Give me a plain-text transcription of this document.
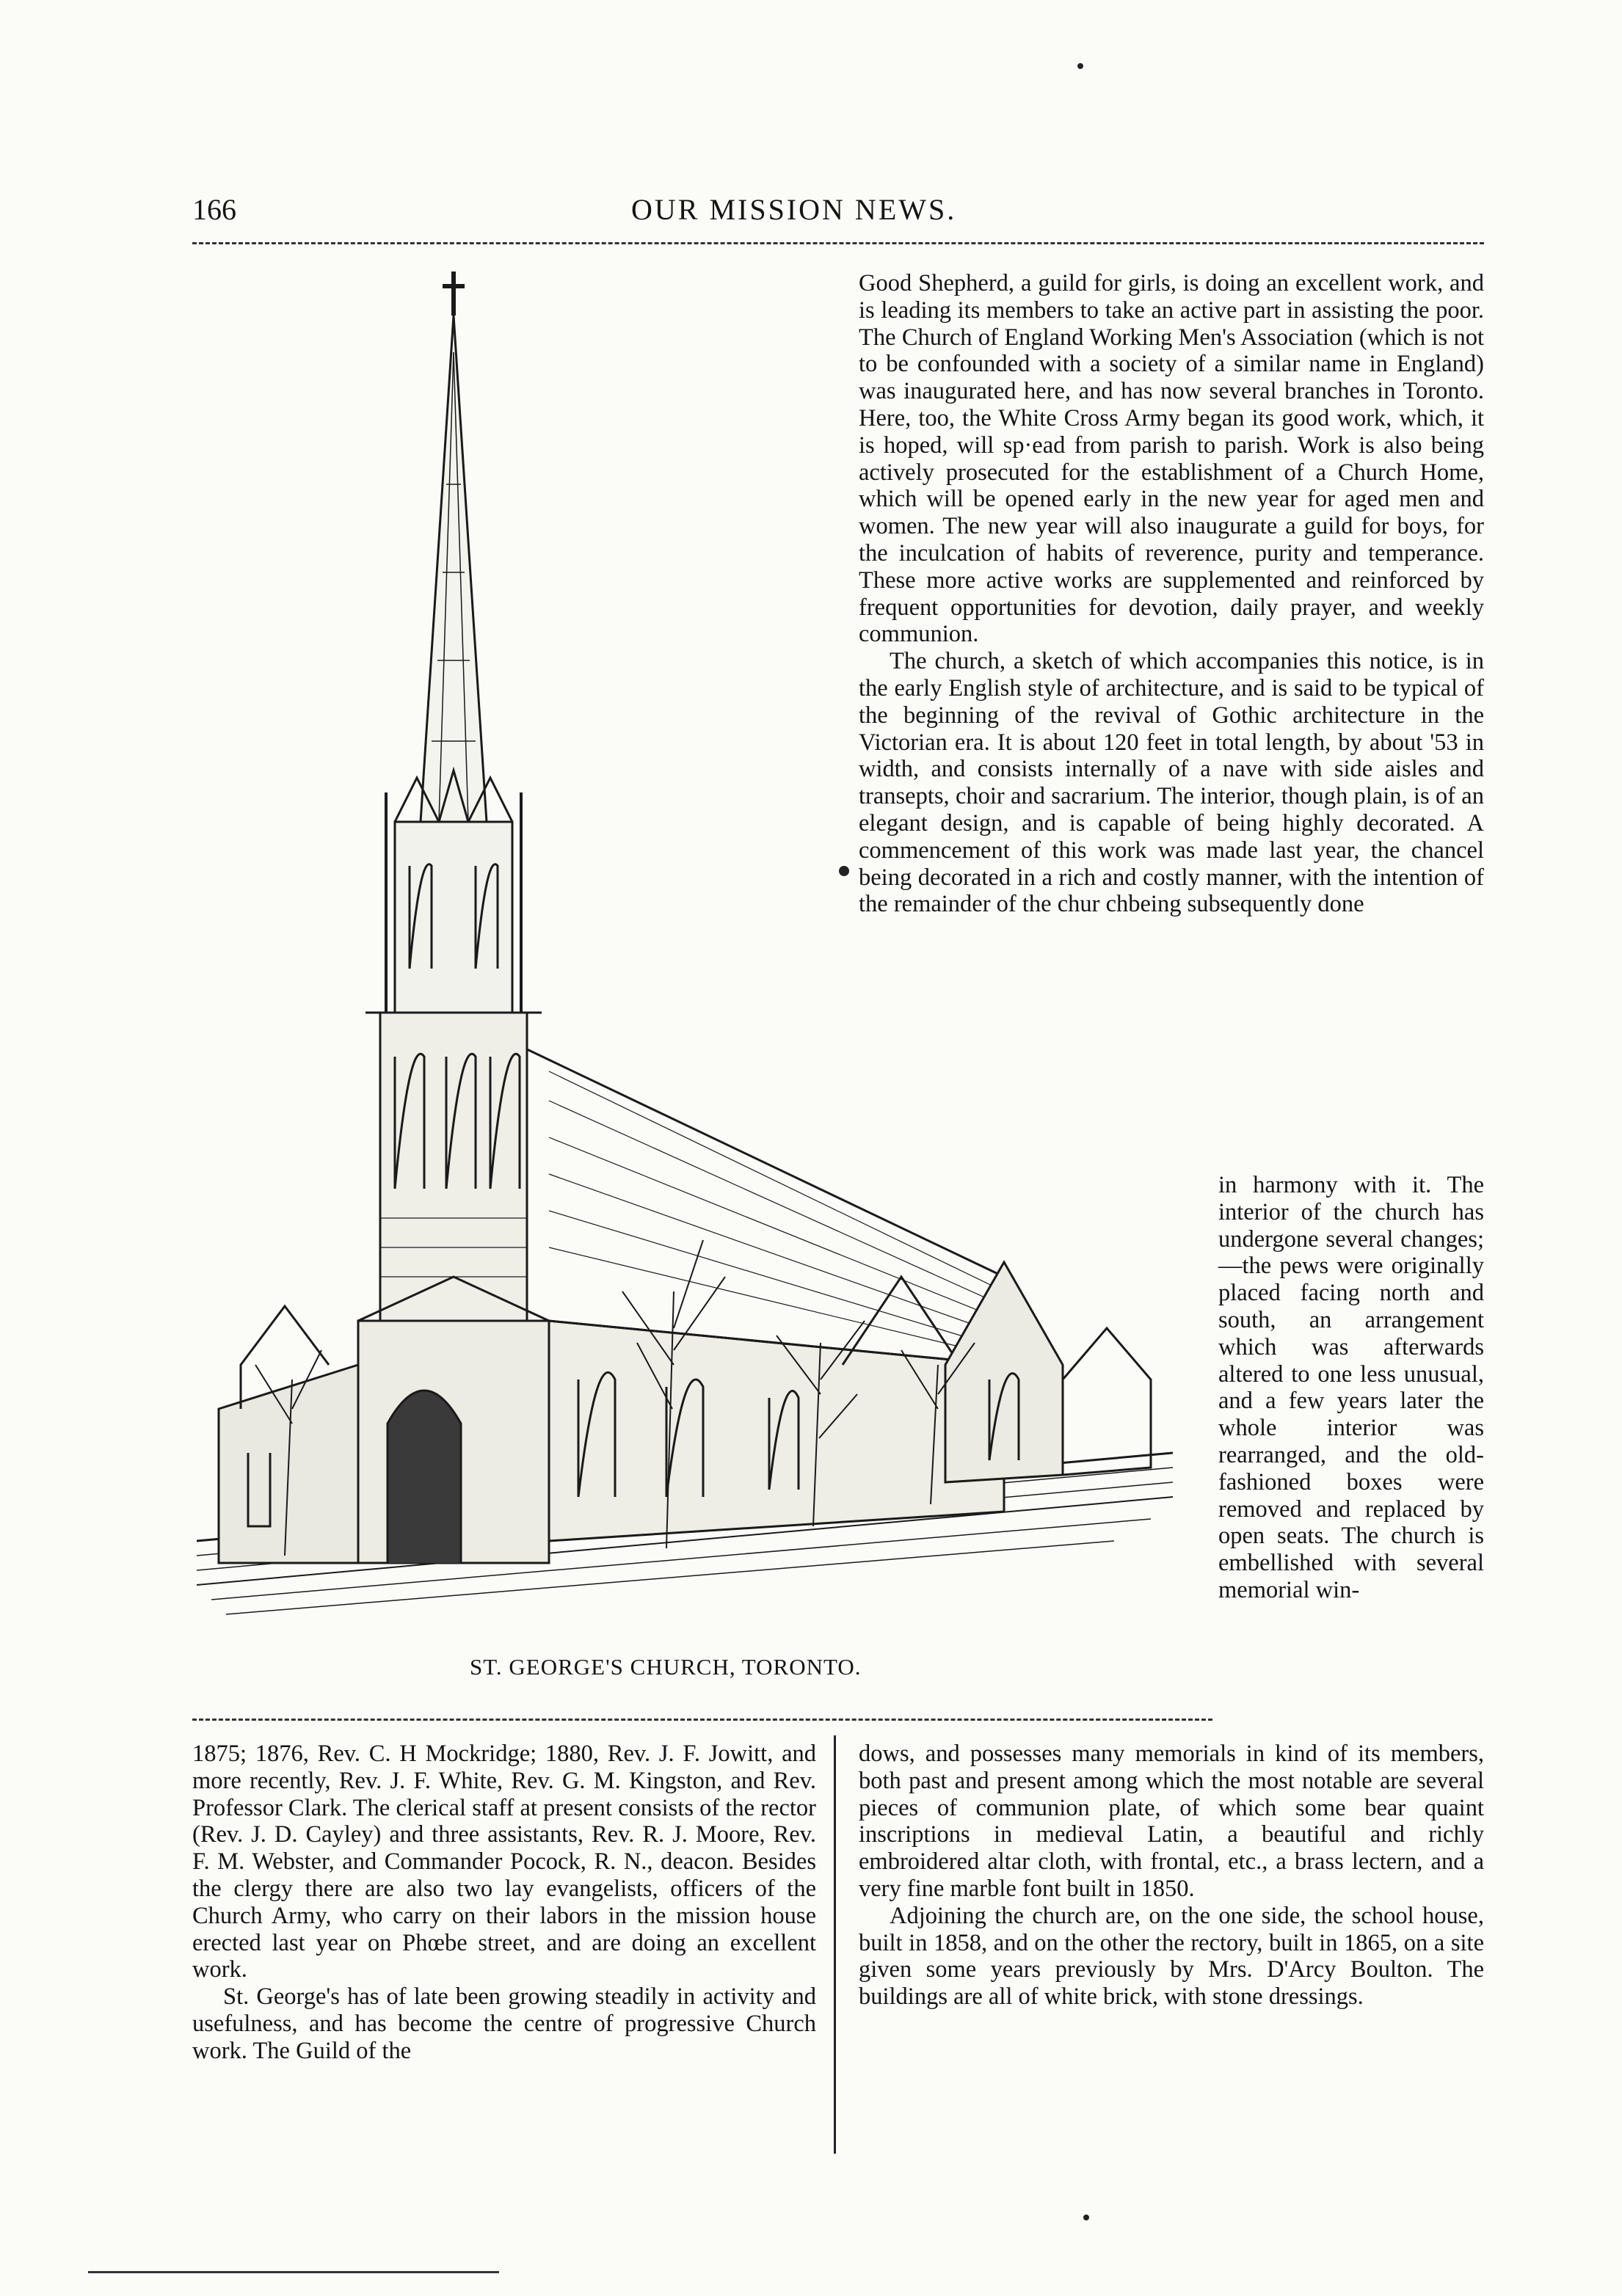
166	OUR MISSION NEWS.
ST. GEORGE'S CHURCH, TORONTO.

Good Shepherd, a guild for girls, is doing an excellent work, and is leading its members to take an active part in assisting the poor. The Church of England Working Men's Association (which is not to be confounded with a society of a similar name in England) was inaugurated here, and has now several branches in Toronto. Here, too, the White Cross Army began its good work, which, it is hoped, will sp·ead from parish to parish. Work is also being actively prosecuted for the establishment of a Church Home, which will be opened early in the new year for aged men and women. The new year will also inaugurate a guild for boys, for the inculcation of habits of reverence, purity and temperance. These more active works are supplemented and reinforced by frequent opportunities for devotion, daily prayer, and weekly communion.

The church, a sketch of which accompanies this notice, is in the early English style of architecture, and is said to be typical of the beginning of the revival of Gothic architecture in the Victorian era. It is about 120 feet in total length, by about '53 in width, and consists internally of a nave with side aisles and transepts, choir and sacrarium. The interior, though plain, is of an elegant design, and is capable of being highly decorated. A commencement of this work was made last year, the chancel being decorated in a rich and costly manner, with the intention of the remainder of the chur chbeing subsequently done

in harmony with it. The interior of the church has undergone several changes; —the pews were originally placed facing north and south, an arrangement which was afterwards altered to one less unusual, and a few years later the whole interior was rearranged, and the old-fashioned boxes were removed and replaced by open seats. The church is embellished with several memorial win-

1875; 1876, Rev. C. H Mockridge; 1880, Rev. J. F. Jowitt, and more recently, Rev. J. F. White, Rev. G. M. Kingston, and Rev. Professor Clark. The clerical staff at present consists of the rector (Rev. J. D. Cayley) and three assistants, Rev. R. J. Moore, Rev. F. M. Webster, and Commander Pocock, R. N., deacon. Besides the clergy there are also two lay evangelists, officers of the Church Army, who carry on their labors in the mission house erected last year on Phœbe street, and are doing an excellent work.

St. George's has of late been growing steadily in activity and usefulness, and has become the centre of progressive Church work. The Guild of the

dows, and possesses many memorials in kind of its members, both past and present among which the most notable are several pieces of communion plate, of which some bear quaint inscriptions in medieval Latin, a beautiful and richly embroidered altar cloth, with frontal, etc., a brass lectern, and a very fine marble font built in 1850.

Adjoining the church are, on the one side, the school house, built in 1858, and on the other the rectory, built in 1865, on a site given some years previously by Mrs. D'Arcy Boulton. The buildings are all of white brick, with stone dressings.
